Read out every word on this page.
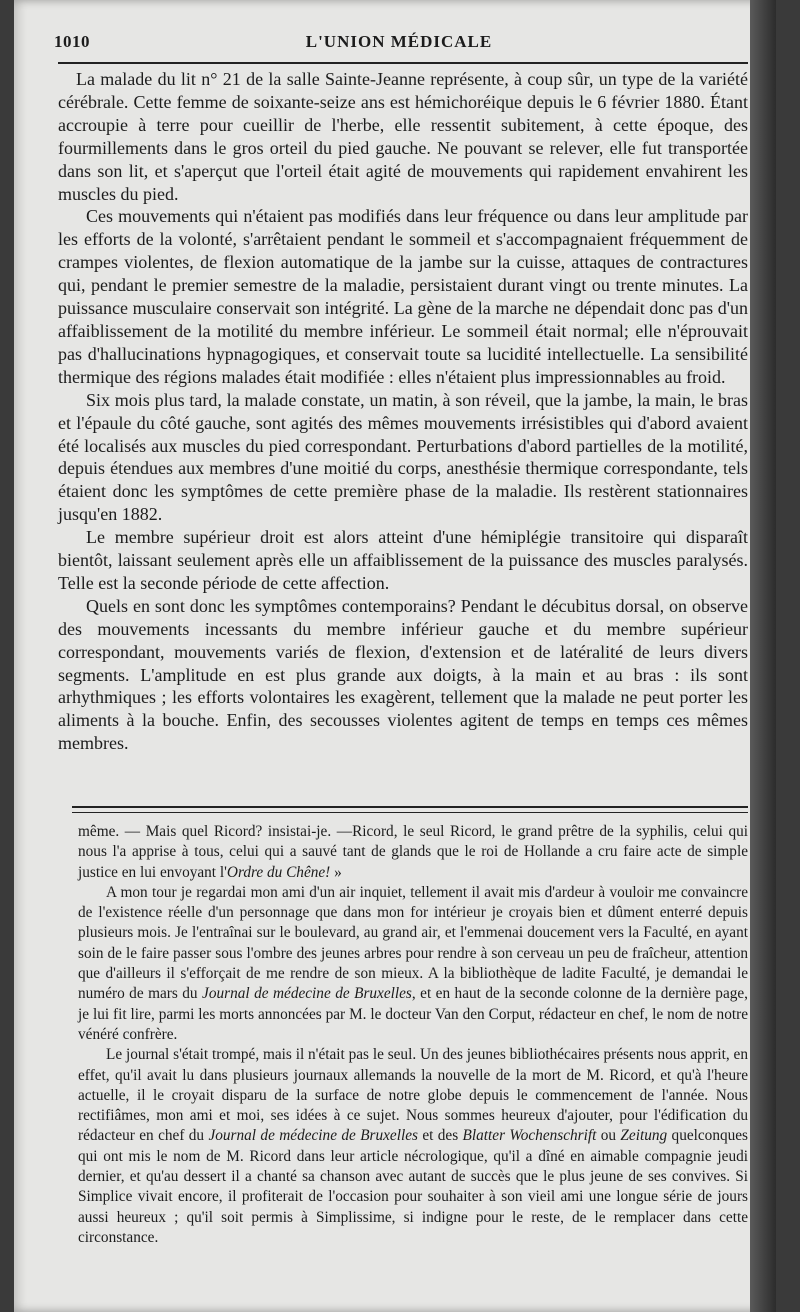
1010	L'UNION MÉDICALE

La malade du lit n° 21 de la salle Sainte-Jeanne représente, à coup sûr, un type de la variété cérébrale. Cette femme de soixante-seize ans est hémichoréique depuis le 6 février 1880. Étant accroupie à terre pour cueillir de l'herbe, elle ressentit subitement, à cette époque, des fourmillements dans le gros orteil du pied gauche. Ne pouvant se relever, elle fut transportée dans son lit, et s'aperçut que l'orteil était agité de mouvements qui rapidement envahirent les muscles du pied.

Ces mouvements qui n'étaient pas modifiés dans leur fréquence ou dans leur amplitude par les efforts de la volonté, s'arrêtaient pendant le sommeil et s'accompagnaient fréquemment de crampes violentes, de flexion automatique de la jambe sur la cuisse, attaques de contractures qui, pendant le premier semestre de la maladie, persistaient durant vingt ou trente minutes. La puissance musculaire conservait son intégrité. La gène de la marche ne dépendait donc pas d'un affaiblissement de la motilité du membre inférieur. Le sommeil était normal; elle n'éprouvait pas d'hallucinations hypnagogiques, et conservait toute sa lucidité intellectuelle. La sensibilité thermique des régions malades était modifiée : elles n'étaient plus impressionnables au froid.

Six mois plus tard, la malade constate, un matin, à son réveil, que la jambe, la main, le bras et l'épaule du côté gauche, sont agités des mêmes mouvements irrésistibles qui d'abord avaient été localisés aux muscles du pied correspondant. Perturbations d'abord partielles de la motilité, depuis étendues aux membres d'une moitié du corps, anesthésie thermique correspondante, tels étaient donc les symptômes de cette première phase de la maladie. Ils restèrent stationnaires jusqu'en 1882.

Le membre supérieur droit est alors atteint d'une hémiplégie transitoire qui disparaît bientôt, laissant seulement après elle un affaiblissement de la puissance des muscles paralysés. Telle est la seconde période de cette affection.

Quels en sont donc les symptômes contemporains? Pendant le décubitus dorsal, on observe des mouvements incessants du membre inférieur gauche et du membre supérieur correspondant, mouvements variés de flexion, d'extension et de latéralité de leurs divers segments. L'amplitude en est plus grande aux doigts, à la main et au bras : ils sont arhythmiques ; les efforts volontaires les exagèrent, tellement que la malade ne peut porter les aliments à la bouche. Enfin, des secousses violentes agitent de temps en temps ces mêmes membres.

même. — Mais quel Ricord? insistai-je. —Ricord, le seul Ricord, le grand prêtre de la syphilis, celui qui nous l'a apprise à tous, celui qui a sauvé tant de glands que le roi de Hollande a cru faire acte de simple justice en lui envoyant l'Ordre du Chêne! »

A mon tour je regardai mon ami d'un air inquiet, tellement il avait mis d'ardeur à vouloir me convaincre de l'existence réelle d'un personnage que dans mon for intérieur je croyais bien et dûment enterré depuis plusieurs mois. Je l'entraînai sur le boulevard, au grand air, et l'emmenai doucement vers la Faculté, en ayant soin de le faire passer sous l'ombre des jeunes arbres pour rendre à son cerveau un peu de fraîcheur, attention que d'ailleurs il s'efforçait de me rendre de son mieux. A la bibliothèque de ladite Faculté, je demandai le numéro de mars du Journal de médecine de Bruxelles, et en haut de la seconde colonne de la dernière page, je lui fit lire, parmi les morts annoncées par M. le docteur Van den Corput, rédacteur en chef, le nom de notre vénéré confrère.

Le journal s'était trompé, mais il n'était pas le seul. Un des jeunes bibliothécaires présents nous apprit, en effet, qu'il avait lu dans plusieurs journaux allemands la nouvelle de la mort de M. Ricord, et qu'à l'heure actuelle, il le croyait disparu de la surface de notre globe depuis le commencement de l'année. Nous rectifiâmes, mon ami et moi, ses idées à ce sujet. Nous sommes heureux d'ajouter, pour l'édification du rédacteur en chef du Journal de médecine de Bruxelles et des Blatter Wochenschrift ou Zeitung quelconques qui ont mis le nom de M. Ricord dans leur article nécrologique, qu'il a dîné en aimable compagnie jeudi dernier, et qu'au dessert il a chanté sa chanson avec autant de succès que le plus jeune de ses convives. Si Simplice vivait encore, il profiterait de l'occasion pour souhaiter à son vieil ami une longue série de jours aussi heureux ; qu'il soit permis à Simplissime, si indigne pour le reste, de le remplacer dans cette circonstance.
